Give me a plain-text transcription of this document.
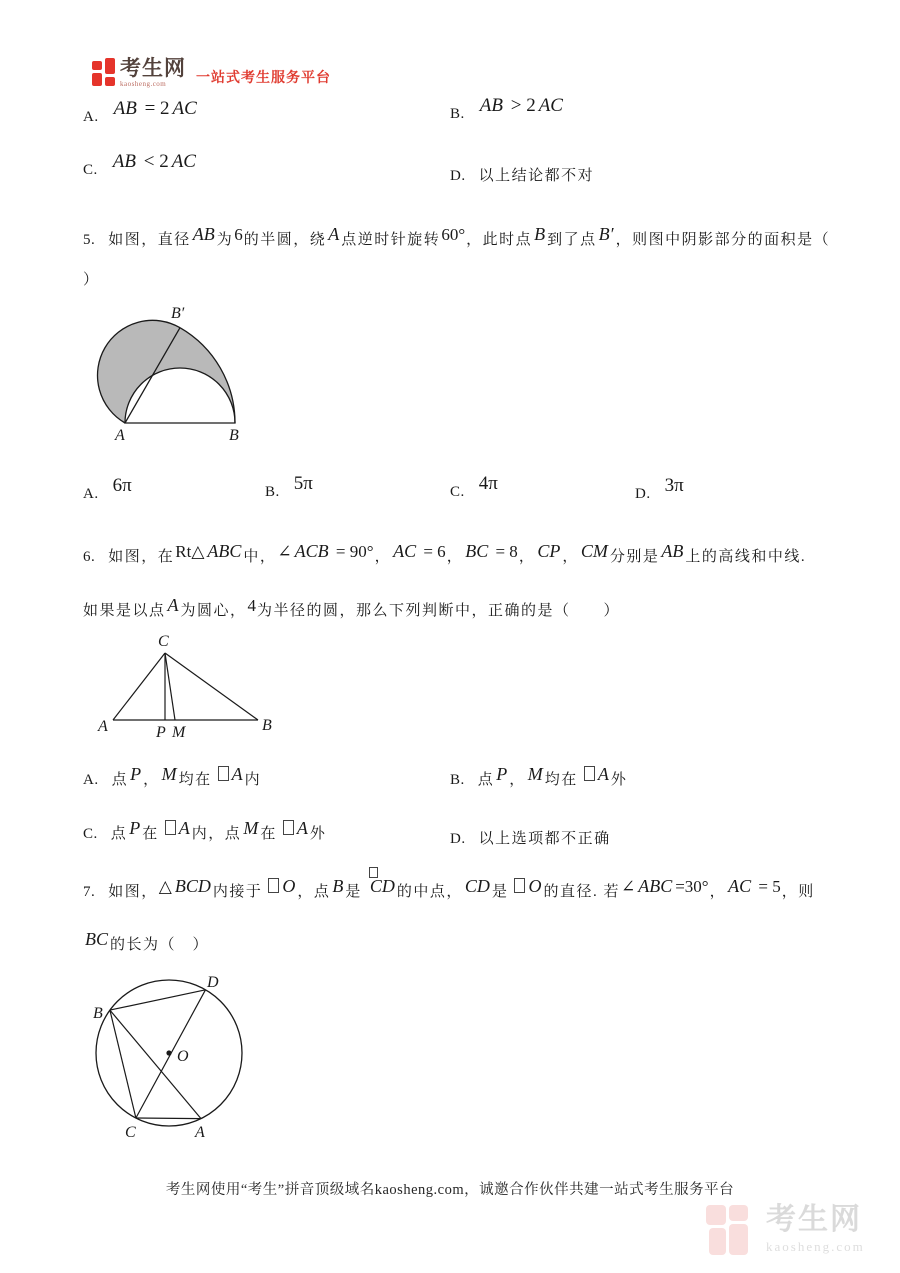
考生网
kaosheng.com	一站式考生服务平台
A. AB = 2 AC	B. AB > 2 AC
C. AB < 2 AC
D. 以上结论都不对
5. 如图，直径 AB 为6的半圆，绕 A 点逆时针旋转60°，此时点 B 到了点 B′ ，则图中阴影部分的面积是（
）
A	B
B′
A. 6π	B. 5π	C. 4π	D. 3π
6. 如图，在Rt△ ABC 中，∠ ACB = 90°， AC = 6， BC = 8， CP ， CM 分别是 AB 上的高线和中线.
如果是以点 A 为圆心，4为半径的圆，那么下列判断中，正确的是（　　）
A	B
C
P M
A. 点 P ， M 均在 A 内	B. 点 P ， M 均在 A 外
C. 点 P 在 A 内，点 M 在 A 外	D. 以上选项都不正确
7. 如图，△ BCD 内接于 O ，点 B 是 CD 的中点， CD 是 O 的直径. 若∠ ABC =30°， AC = 5，则
BC 的长为（　）
B
D
C	A
O
考生网使用“考生”拼音顶级域名kaosheng.com，诚邀合作伙伴共建一站式考生服务平台
考生网
kaosheng.com
